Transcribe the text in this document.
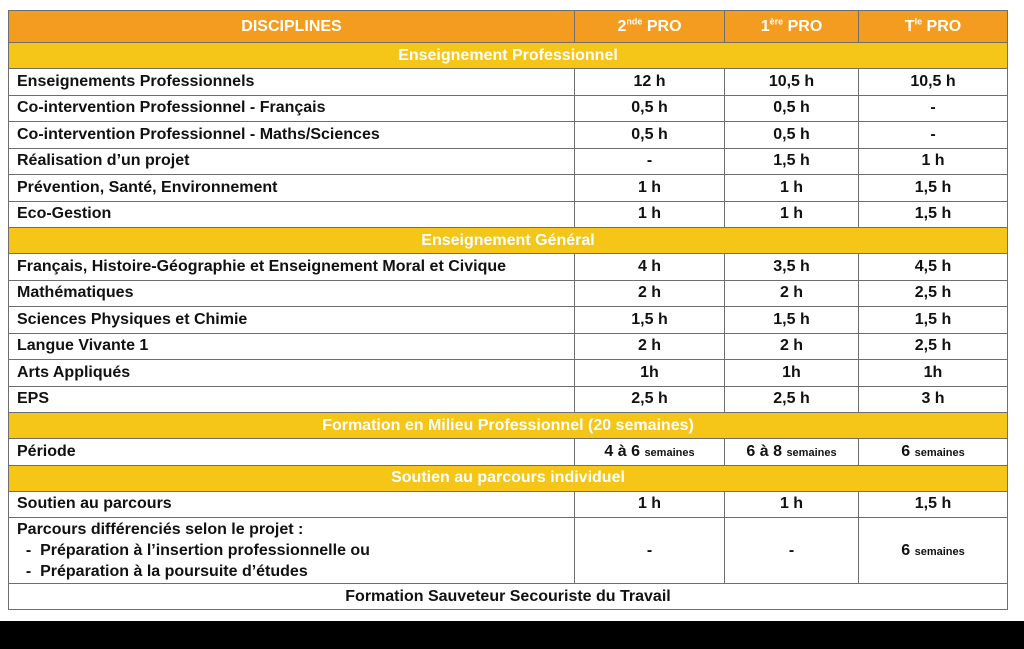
DISCIPLINES	2nde PRO	1ère PRO	$T^{le}$ PRO
Enseignement Professionnel			
Enseignements Professionnels	12 h	10,5 h	10,5 h
Co-intervention Professionnel - Français	0,5 h	0,5 h	-
Co-intervention Professionnel - Maths/Sciences	0,5 h	0,5 h	-
Réalisation d’un projet	-	1,5 h	1 h
Prévention, Santé, Environnement	1 h	1 h	1,5 h
Eco-Gestion	1 h	1 h	1,5 h
Enseignement Général			
Français, Histoire-Géographie et Enseignement Moral et Civique	4 h	3,5 h	4,5 h
Mathématiques	2 h	2 h	2,5 h
Sciences Physiques et Chimie	1,5 h	1,5 h	1,5 h
Langue Vivante 1	2 h	2 h	2,5 h
Arts Appliqués	1h	1h	1h
EPS	2,5 h	2,5 h	3 h
Formation en Milieu Professionnel (20 semaines)			
Période	4 à 6 semaines	6 à 8 semaines	6 semaines
Soutien au parcours individuel			
Soutien au parcours	1 h	1 h	1,5 h

Parcours différenciés selon le projet :
-  Préparation à l’insertion professionnelle ou
-  Préparation à la poursuite d’études	-	-	6 semaines
Formation Sauveteur Secouriste du Travail			
